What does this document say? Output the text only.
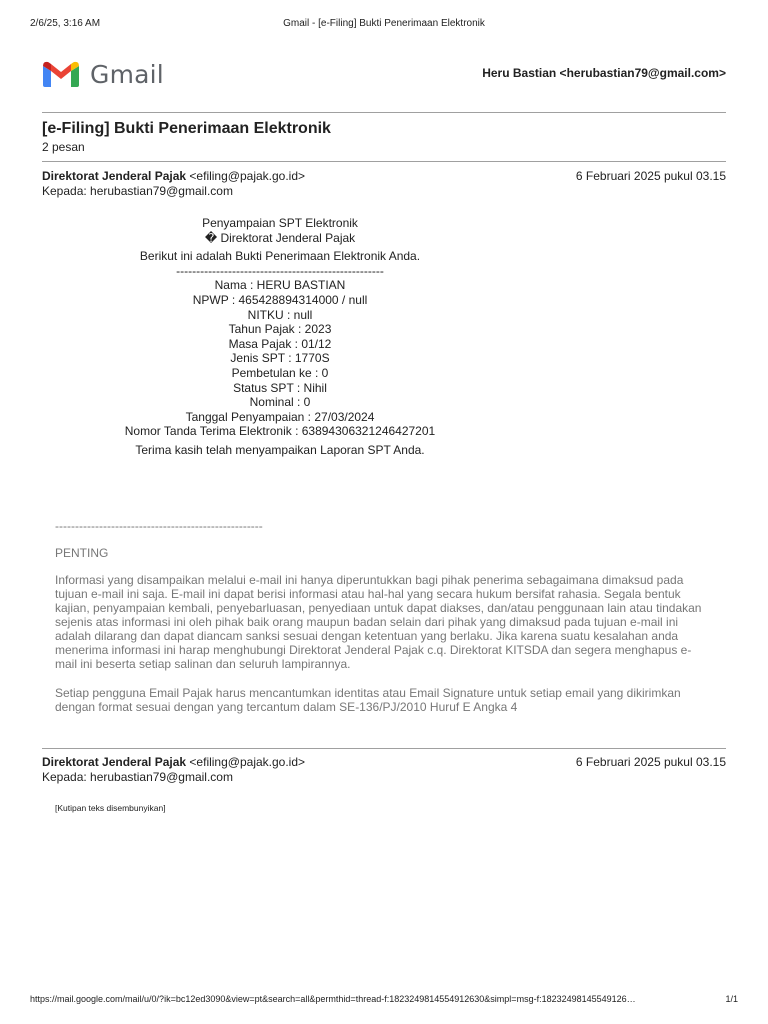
2/6/25, 3:16 AM	Gmail - [e-Filing] Bukti Penerimaan Elektronik
Gmail	Heru Bastian <herubastian79@gmail.com>
[e-Filing] Bukti Penerimaan Elektronik
2 pesan
Direktorat Jenderal Pajak <efiling@pajak.go.id>	6 Februari 2025 pukul 03.15
Kepada: herubastian79@gmail.com
Penyampaian SPT Elektronik
� Direktorat Jenderal Pajak
Berikut ini adalah Bukti Penerimaan Elektronik Anda.
----------------------------------------------------
Nama : HERU BASTIAN
NPWP : 465428894314000 / null
NITKU : null
Tahun Pajak : 2023
Masa Pajak : 01/12
Jenis SPT : 1770S
Pembetulan ke : 0
Status SPT : Nihil
Nominal : 0
Tanggal Penyampaian : 27/03/2024
Nomor Tanda Terima Elektronik : 63894306321246427201
Terima kasih telah menyampaikan Laporan SPT Anda.
----------------------------------------------------
PENTING

Informasi yang disampaikan melalui e-mail ini hanya diperuntukkan bagi pihak penerima sebagaimana dimaksud pada tujuan e-mail ini saja. E-mail ini dapat berisi informasi atau hal-hal yang secara hukum bersifat rahasia. Segala bentuk kajian, penyampaian kembali, penyebarluasan, penyediaan untuk dapat diakses, dan/atau penggunaan lain atau tindakan sejenis atas informasi ini oleh pihak baik orang maupun badan selain dari pihak yang dimaksud pada tujuan e-mail ini adalah dilarang dan dapat diancam sanksi sesuai dengan ketentuan yang berlaku. Jika karena suatu kesalahan anda menerima informasi ini harap menghubungi Direktorat Jenderal Pajak c.q. Direktorat KITSDA dan segera menghapus e-mail ini beserta setiap salinan dan seluruh lampirannya.

Setiap pengguna Email Pajak harus mencantumkan identitas atau Email Signature untuk setiap email yang dikirimkan dengan format sesuai dengan yang tercantum dalam SE-136/PJ/2010 Huruf E Angka 4

Direktorat Jenderal Pajak <efiling@pajak.go.id>	6 Februari 2025 pukul 03.15
Kepada: herubastian79@gmail.com
[Kutipan teks disembunyikan]
https://mail.google.com/mail/u/0/?ik=bc12ed3090&view=pt&search=all&permthid=thread-f:1823249814554912630&simpl=msg-f:18232498145549126…	1/1
